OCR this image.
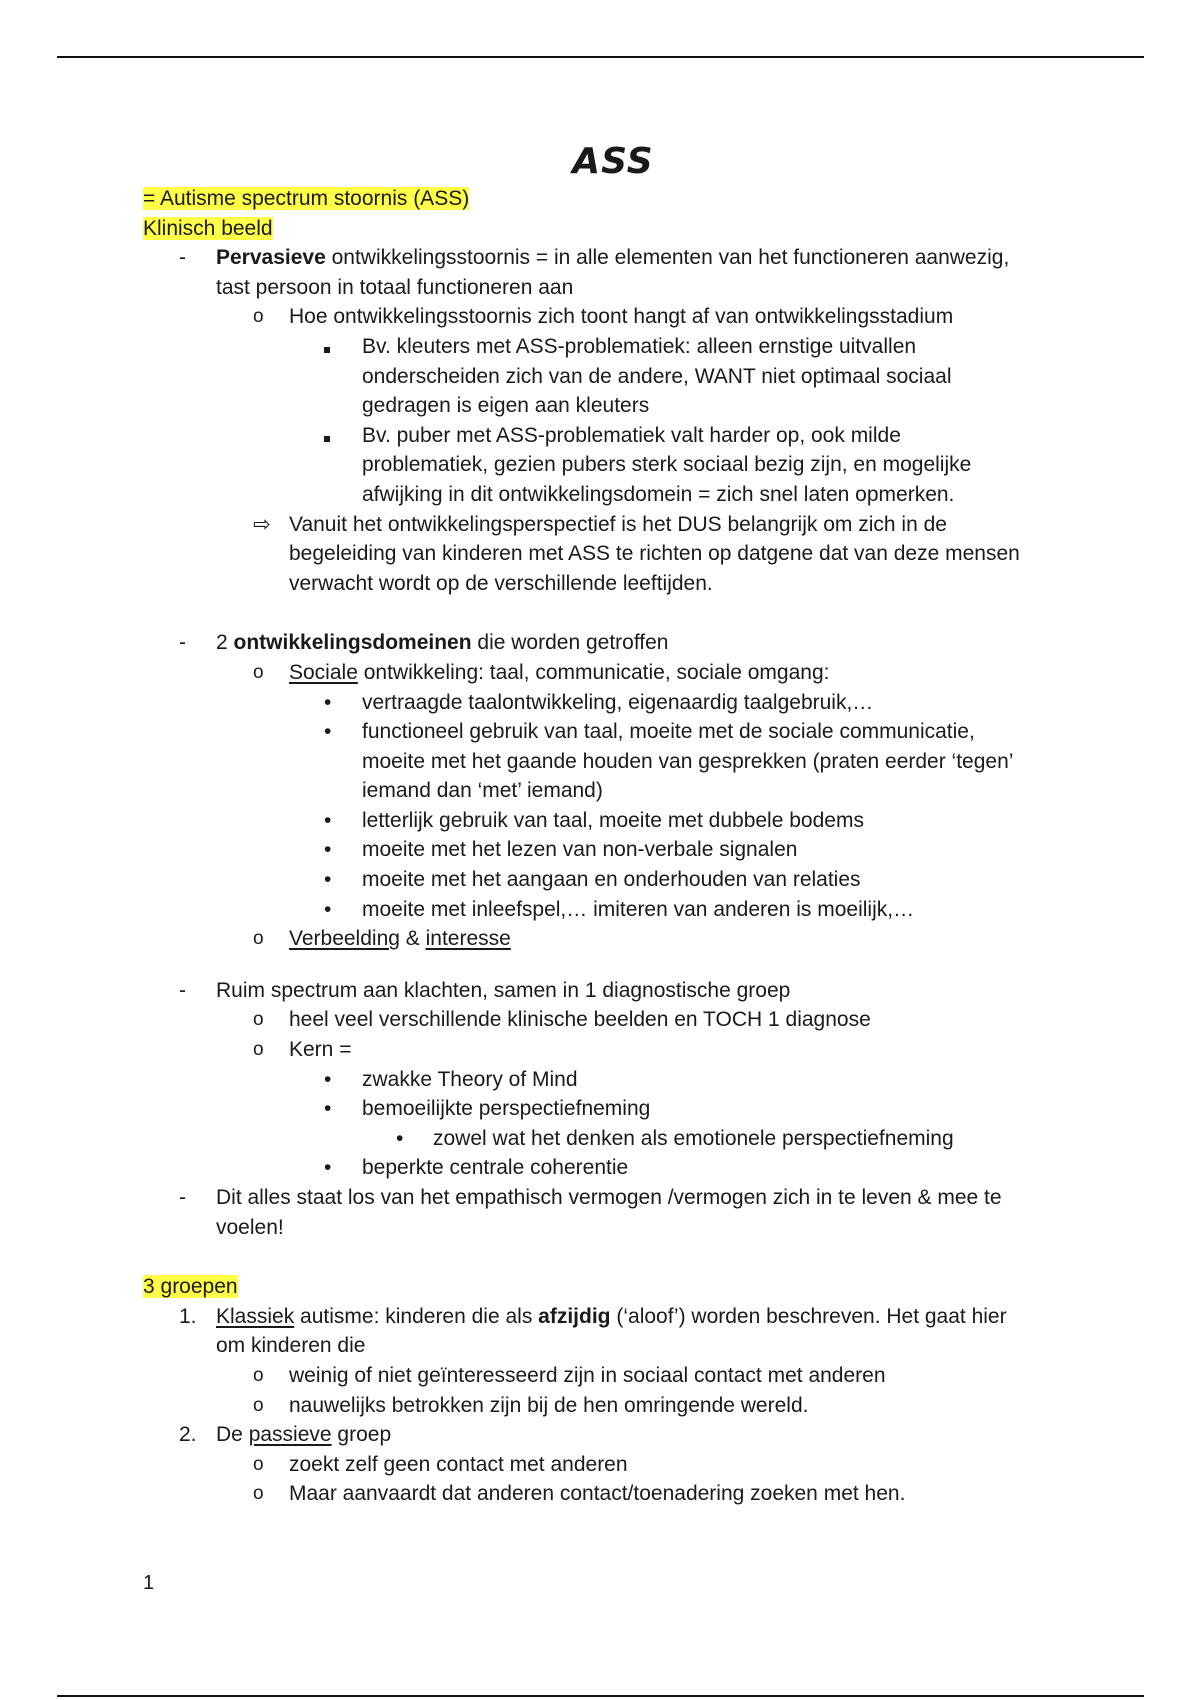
ASS
= Autisme spectrum stoornis (ASS)
Klinisch beeld
- Pervasieve ontwikkelingsstoornis = in alle elementen van het functioneren aanwezig,
tast persoon in totaal functioneren aan
o Hoe ontwikkelingsstoornis zich toont hangt af van ontwikkelingsstadium
Bv. kleuters met ASS-problematiek: alleen ernstige uitvallen
onderscheiden zich van de andere, WANT niet optimaal sociaal
gedragen is eigen aan kleuters
Bv. puber met ASS-problematiek valt harder op, ook milde
problematiek, gezien pubers sterk sociaal bezig zijn, en mogelijke
afwijking in dit ontwikkelingsdomein = zich snel laten opmerken.
⇨ Vanuit het ontwikkelingsperspectief is het DUS belangrijk om zich in de
begeleiding van kinderen met ASS te richten op datgene dat van deze mensen
verwacht wordt op de verschillende leeftijden.
- 2 ontwikkelingsdomeinen die worden getroffen
o Sociale ontwikkeling: taal, communicatie, sociale omgang:
• vertraagde taalontwikkeling, eigenaardig taalgebruik,…
• functioneel gebruik van taal, moeite met de sociale communicatie,
moeite met het gaande houden van gesprekken (praten eerder ‘tegen’
iemand dan ‘met’ iemand)
• letterlijk gebruik van taal, moeite met dubbele bodems
• moeite met het lezen van non-verbale signalen
• moeite met het aangaan en onderhouden van relaties
• moeite met inleefspel,… imiteren van anderen is moeilijk,…
o Verbeelding & interesse
- Ruim spectrum aan klachten, samen in 1 diagnostische groep
o heel veel verschillende klinische beelden en TOCH 1 diagnose
o Kern =
• zwakke Theory of Mind
• bemoeilijkte perspectiefneming
• zowel wat het denken als emotionele perspectiefneming
• beperkte centrale coherentie
- Dit alles staat los van het empathisch vermogen /vermogen zich in te leven & mee te
voelen!
3 groepen
1. Klassiek autisme: kinderen die als afzijdig (‘aloof’) worden beschreven. Het gaat hier
om kinderen die
o weinig of niet geïnteresseerd zijn in sociaal contact met anderen
o nauwelijks betrokken zijn bij de hen omringende wereld.
2. De passieve groep
o zoekt zelf geen contact met anderen
o Maar aanvaardt dat anderen contact/toenadering zoeken met hen.
1
